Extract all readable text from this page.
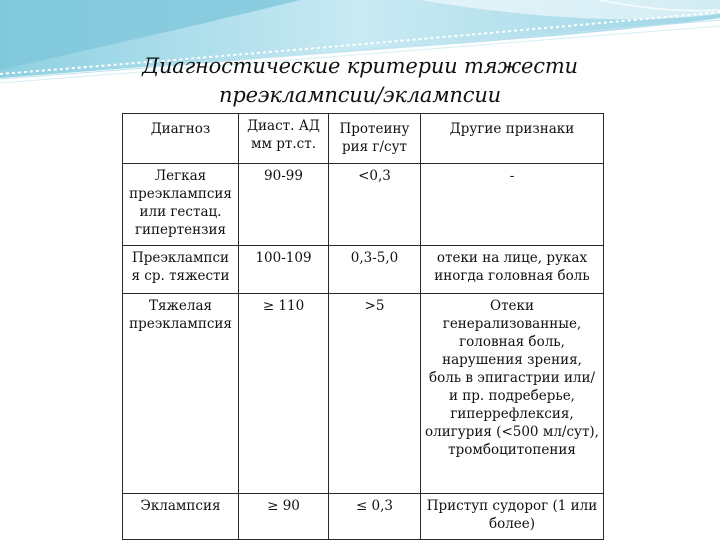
Диагностические критерии тяжести
преэклампсии/эклампсии
Диагноз	Диаст. АД мм рт.ст.	Протеину рия г/сут	Другие признаки

Легкая преэклампсия или гестац. гипертензия	90-99	<0,3	-

Преэклампси я ср. тяжести	100-109	0,3-5,0	отеки на лице, руках иногда головная боль

Тяжелая преэклампсия	≥ 110	>5	Отеки генерализованные, головная боль, нарушения зрения, боль в эпигастрии или/и пр. подреберье, гиперрефлексия, олигурия (<500 мл/сут), тромбоцитопения

Эклампсия	≥ 90	≤ 0,3	Приступ судорог (1 или более)
